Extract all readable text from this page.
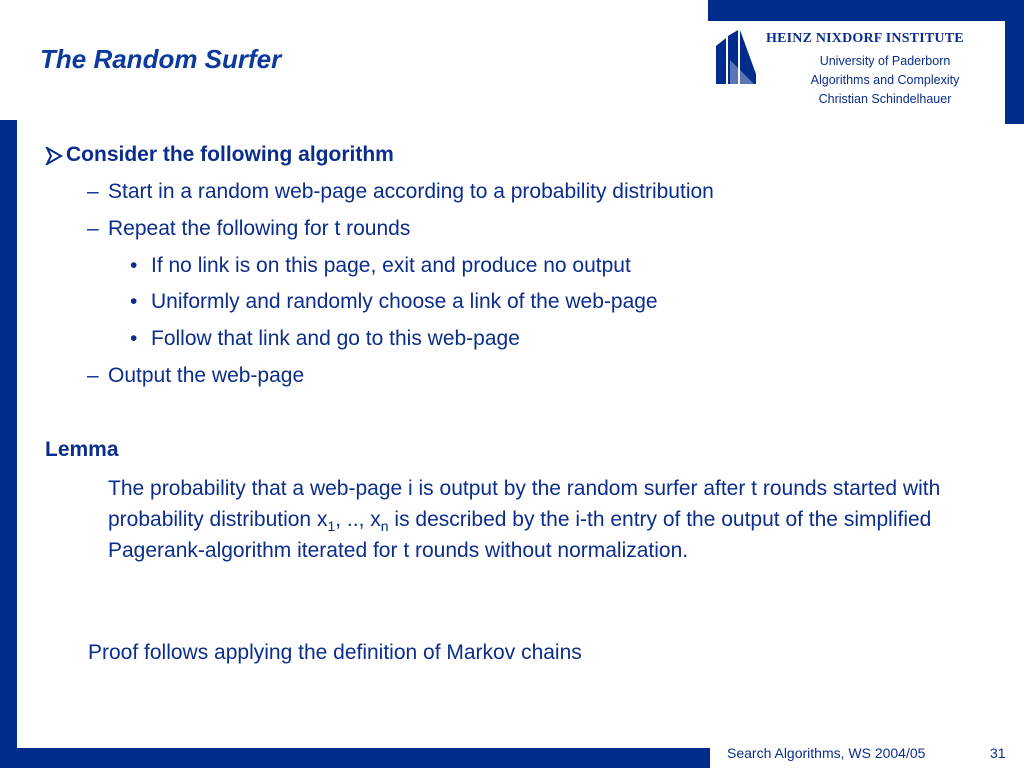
The Random Surfer

HEINZ NIXDORF INSTITUTE

University of Paderborn

Algorithms and Complexity

Christian Schindelhauer

Consider the following algorithm

– Start in a random web-page according to a probability distribution

– Repeat the following for t rounds

• If no link is on this page, exit and produce no output

• Uniformly and randomly choose a link of the web-page

• Follow that link and go to this web-page

– Output the web-page

Lemma

The probability that a web-page i is output by the random surfer after t rounds started with probability distribution $x_1$, .., $x_n$ is described by the i-th entry of the output of the simplified Pagerank-algorithm iterated for t rounds without normalization.

Proof follows applying the definition of Markov chains

Search Algorithms, WS 2004/05	31
